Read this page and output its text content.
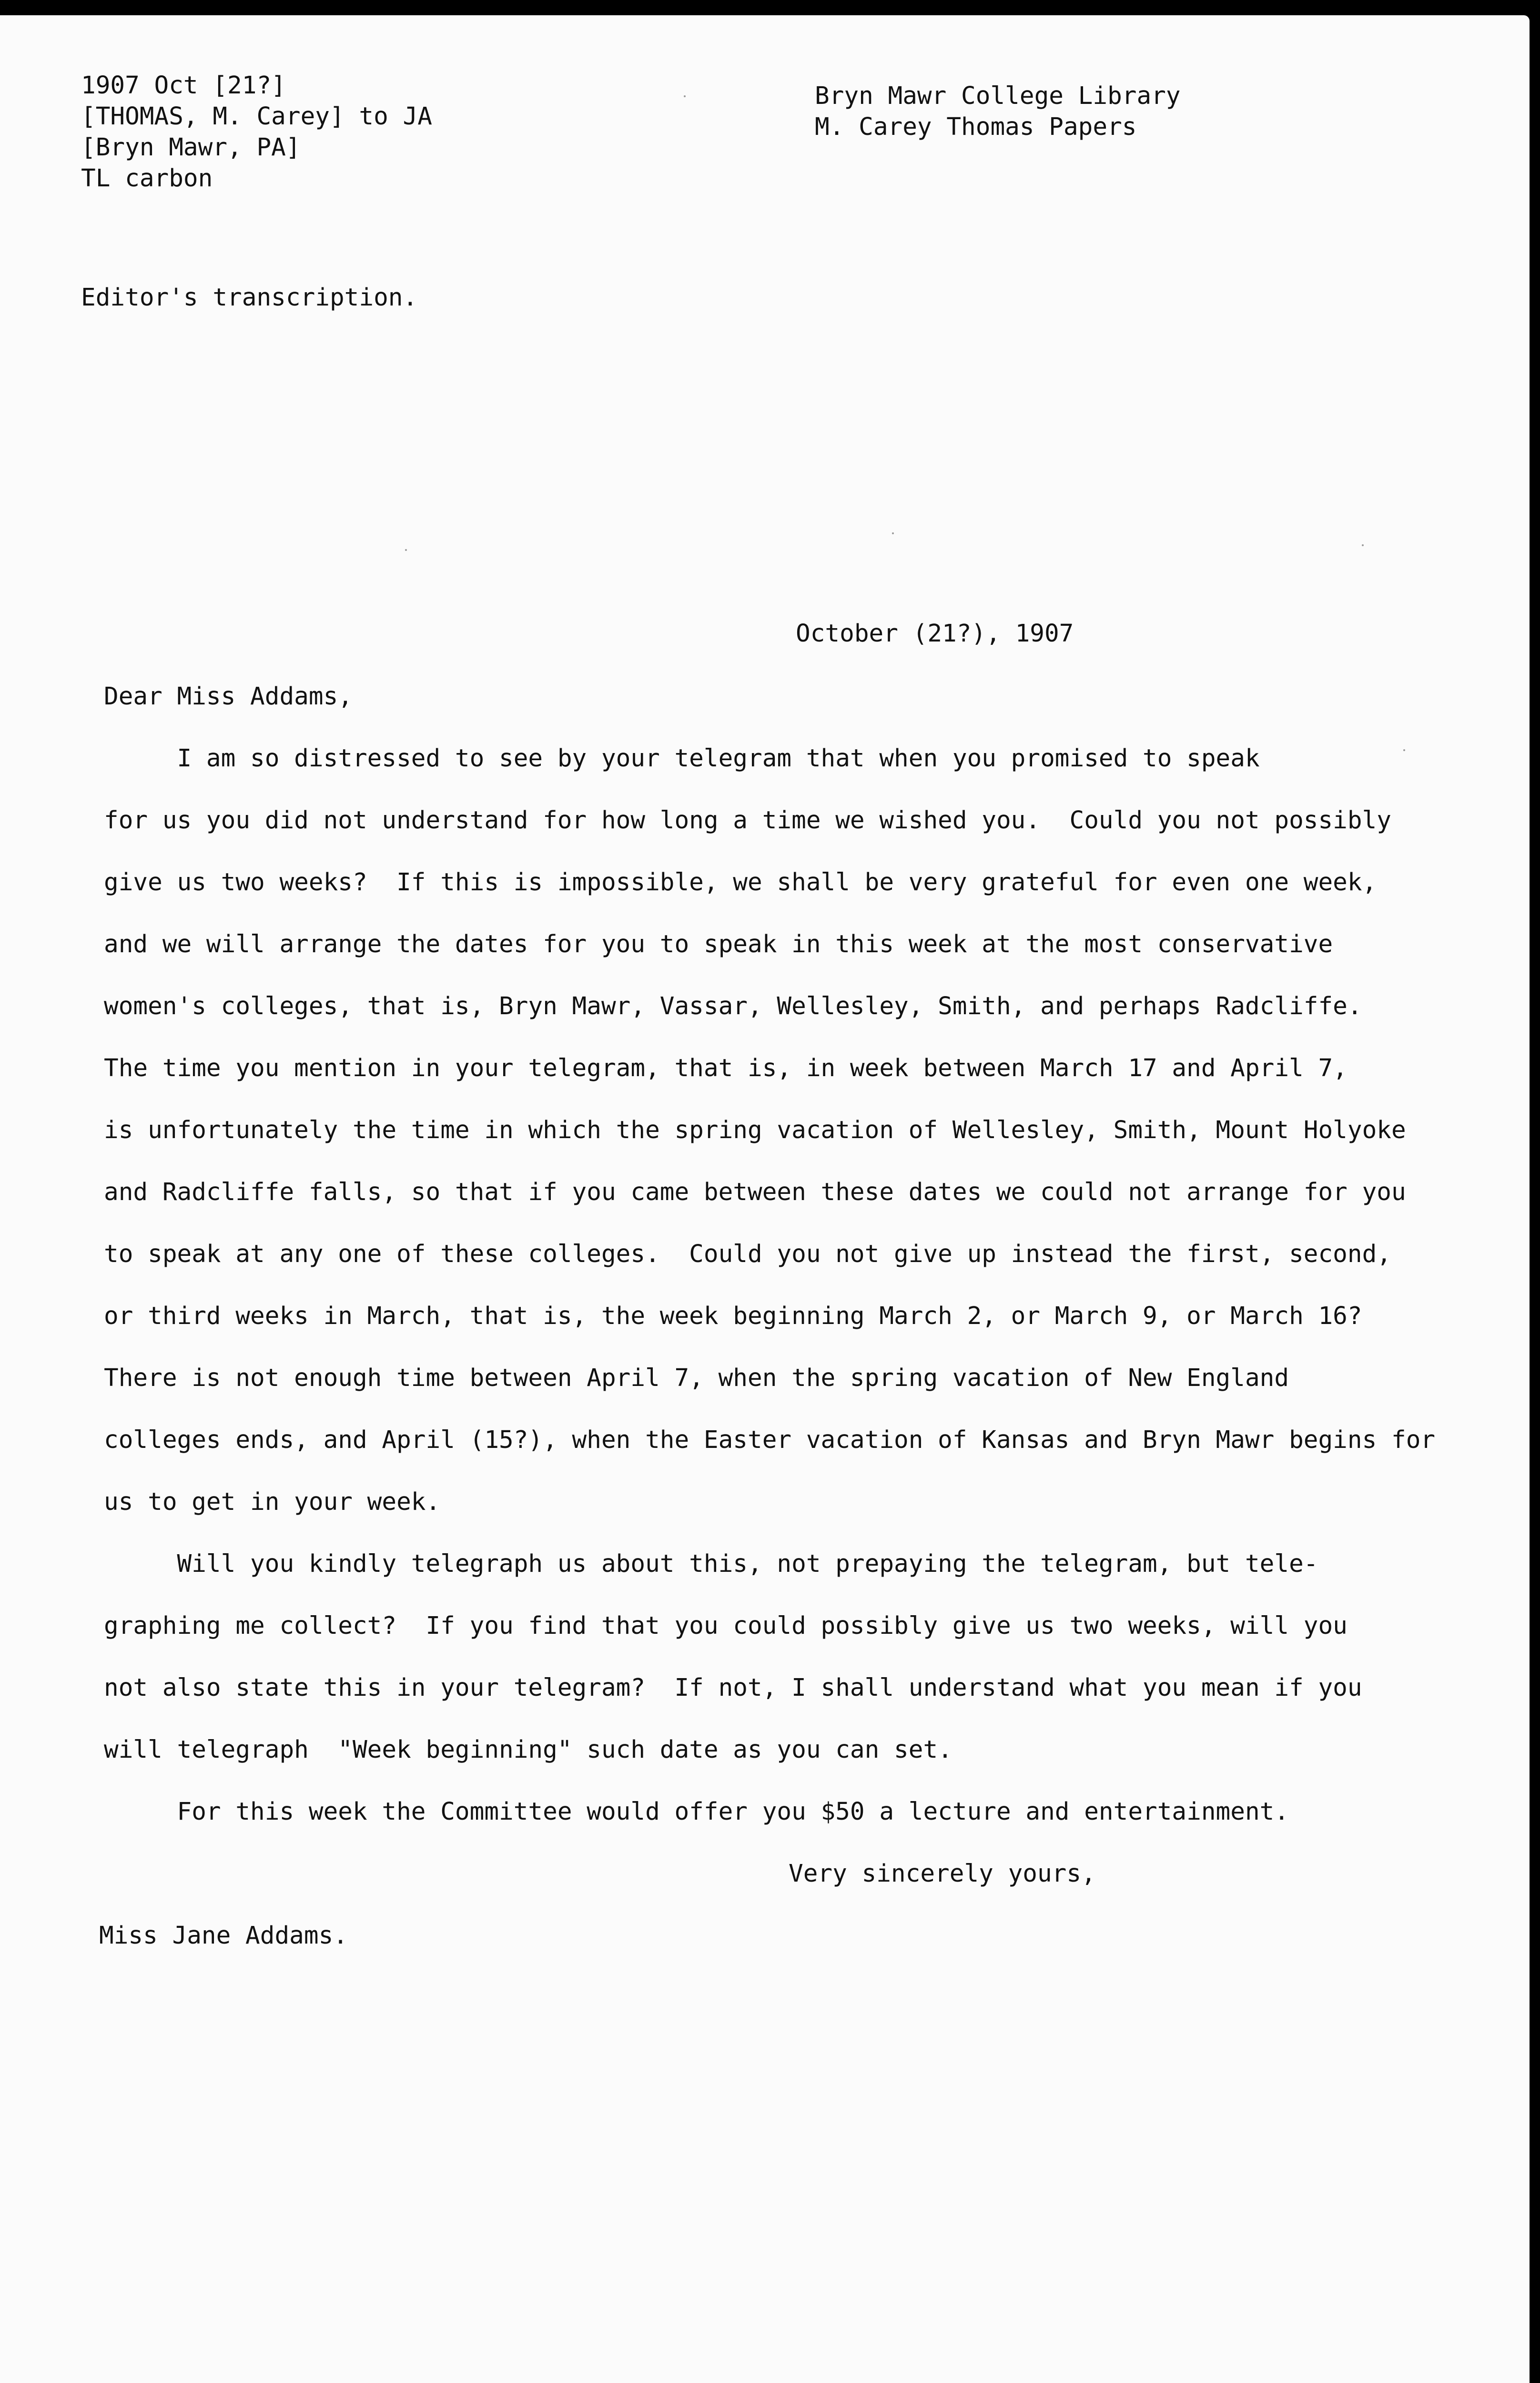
1907 Oct [21?]
[THOMAS, M. Carey] to JA
[Bryn Mawr, PA]
TL carbon
Bryn Mawr College Library
M. Carey Thomas Papers
Editor's transcription.
October (21?), 1907
Dear Miss Addams,
I am so distressed to see by your telegram that when you promised to speak
for us you did not understand for how long a time we wished you.  Could you not possibly
give us two weeks?  If this is impossible, we shall be very grateful for even one week,
and we will arrange the dates for you to speak in this week at the most conservative
women's colleges, that is, Bryn Mawr, Vassar, Wellesley, Smith, and perhaps Radcliffe.
The time you mention in your telegram, that is, in week between March 17 and April 7,
is unfortunately the time in which the spring vacation of Wellesley, Smith, Mount Holyoke
and Radcliffe falls, so that if you came between these dates we could not arrange for you
to speak at any one of these colleges.  Could you not give up instead the first, second,
or third weeks in March, that is, the week beginning March 2, or March 9, or March 16?
There is not enough time between April 7, when the spring vacation of New England
colleges ends, and April (15?), when the Easter vacation of Kansas and Bryn Mawr begins for
us to get in your week.
Will you kindly telegraph us about this, not prepaying the telegram, but tele-
graphing me collect?  If you find that you could possibly give us two weeks, will you
not also state this in your telegram?  If not, I shall understand what you mean if you
will telegraph  "Week beginning" such date as you can set.
For this week the Committee would offer you $50 a lecture and entertainment.
Very sincerely yours,
Miss Jane Addams.
